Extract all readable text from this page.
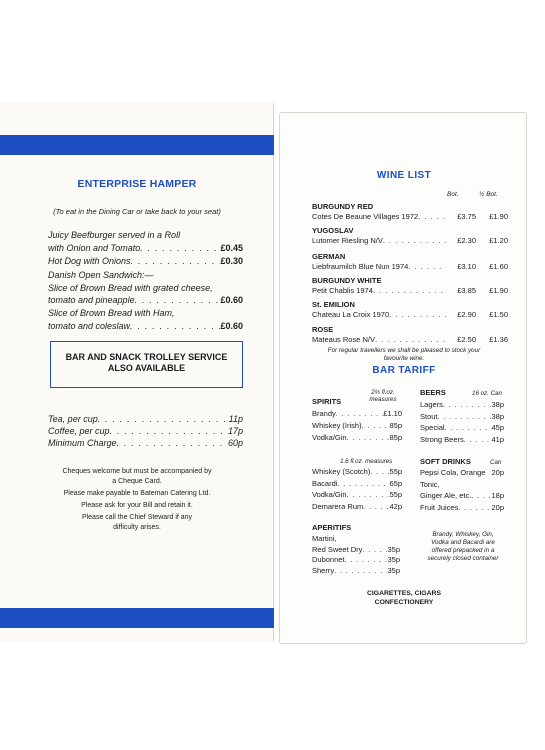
ENTERPRISE HAMPER
(To eat in the Dining Car or take back to your seat)
Juicy Beefburger served in a Roll
with Onion and Tomato . . .	£0.45
Hot Dog with Onions . . .	£0.30
Danish Open Sandwich:—
Slice of Brown Bread with grated cheese,
tomato and pineapple . . .	£0.60
Slice of Brown Bread with Ham,
tomato and coleslaw . . .	£0.60
BAR AND SNACK TROLLEY SERVICE
ALSO AVAILABLE
Tea, per cup . . .	11p
Coffee, per cup . . .	17p
Minimum Charge . . .	60p
Cheques welcome but must be accompanied by
a Cheque Card.
Please make payable to Bateman Catering Ltd.
Please ask for your Bill and retain it.
Please call the Chief Steward if any
difficulty arises.
WINE LIST
Bot.	½ Bot.
BURGUNDY RED
Cotes De Beaune Villages 1972 . . .	£3.75	£1.90
YUGOSLAV
Lutomer Riesling N/V . . .	£2.30	£1.20
GERMAN
Liebfraumilch Blue Nun 1974 . . .	£3.10	£1.60
BURGUNDY WHITE
Petit Chablis 1974 . . .	£3.85	£1.90
St. EMILION
Chateau La Croix 1970 . . .	£2.90	£1.50
ROSE
Mateaus Rose N/V . . .	£2.50	£1.36
For regular travellers we shall be pleased to stock your
favourite wine.
BAR TARIFF
2⅔ fl.oz.
measures
SPIRITS
Brandy . . .	£1.10
Whiskey (Irish) . . .	85p
Vodka/Gin . . .	85p
BEERS	16 oz. Can
Lagers . . .	38p
Stout . . .	38p
Special . . .	45p
Strong Beers . . .	41p
1.6 fl.oz. measures
Whiskey (Scotch) . . .	55p
Bacardi . . .	65p
Vodka/Gin . . .	55p
Demarera Rum . . .	42p
SOFT DRINKS	Can
Pepsi Cola, Orange 20p
Tonic,
Ginger Ale, etc. . . .	18p
Fruit Juices . . .	20p
APERITIFS
Martini,
Red Sweet Dry . . .	35p
Dubonnet . . .	35p
Sherry . . .	35p
Brandy, Whiskey, Gin,
Vodka and Bacardi are
offered prepacked in a
securely closed container
CIGARETTES, CIGARS
CONFECTIONERY
